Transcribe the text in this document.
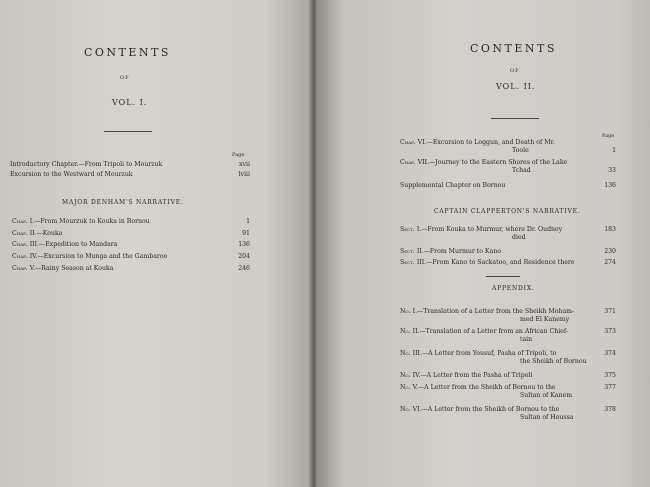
CONTENTS
OF
VOL. I.
Page
Introductory Chapter.—From Tripoli to Mourzuk	xvii
Excursion to the Westward of Mourzuk	lviii
MAJOR DENHAM'S NARRATIVE.
Chap. I.—From Mourzuk to Kouka in Bornou	1
Chap. II.—Kouka	91
Chap. III.—Expedition to Mandara	136
Chap. IV.—Excursion to Munga and the Gambaroo	204
Chap. V.—Rainy Season at Kouka	246
CONTENTS
OF
VOL. II.
Page
Chap. VI.—Excursion to Loggun, and Death of Mr.
Toole	1
Chap. VII.—Journey to the Eastern Shores of the Lake
Tchad	33
Supplemental Chapter on Bornou	136
CAPTAIN CLAPPERTON'S NARRATIVE.
Sect. I.—From Kouka to Murmur, where Dr. Oudney
died
183
Sect. II.—From Murmur to Kano	230
Sect. III.—From Kano to Sackatoo, and Residence there	274
APPENDIX.
No. I.—Translation of a Letter from the Sheikh Moham-
med El Kanemy
371
No. II.—Translation of a Letter from an African Chief-
tain
373
No. III.—A Letter from Yousuf, Pasha of Tripoli, to
the Sheikh of Bornou
374
No. IV.—A Letter from the Pasha of Tripoli	375
No. V.—A Letter from the Sheikh of Bornou to the
Sultan of Kanem
377
No. VI.—A Letter from the Sheikh of Bornou to the
Sultan of Houssa
378
